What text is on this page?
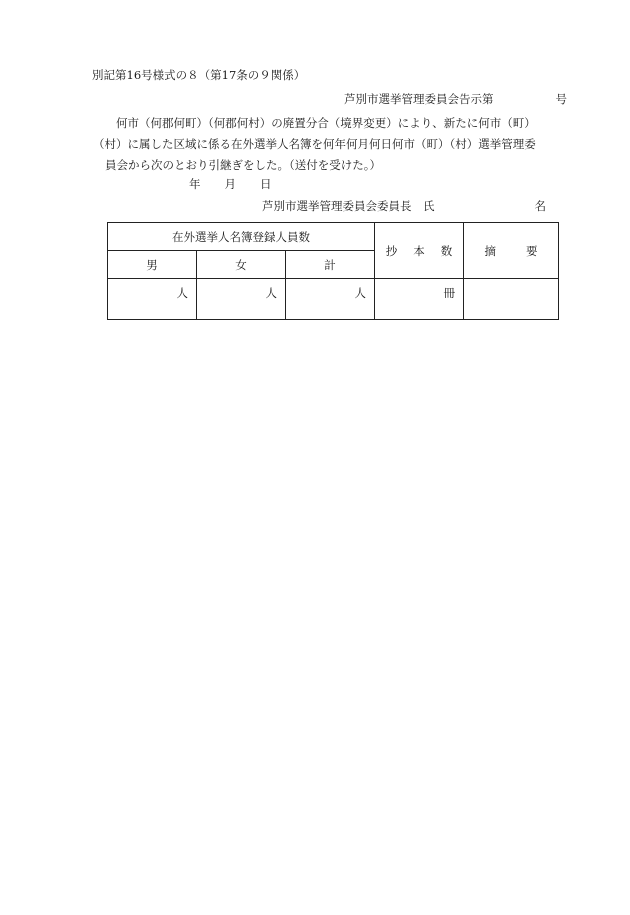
別記第16号様式の８（第17条の９関係）
芦別市選挙管理委員会告示第	号
何市（何郡何町）（何郡何村）の廃置分合（境界変更）により、新たに何市（町）
（村）に属した区域に係る在外選挙人名簿を何年何月何日何市（町）（村）選挙管理委
員会から次のとおり引継ぎをした。（送付を受けた。）
年 月 日
芦別市選挙管理委員会委員長　氏	名
在外選挙人名簿登録人員数			抄 本 数	摘 要
男	女	計		
人	人	人	冊	
